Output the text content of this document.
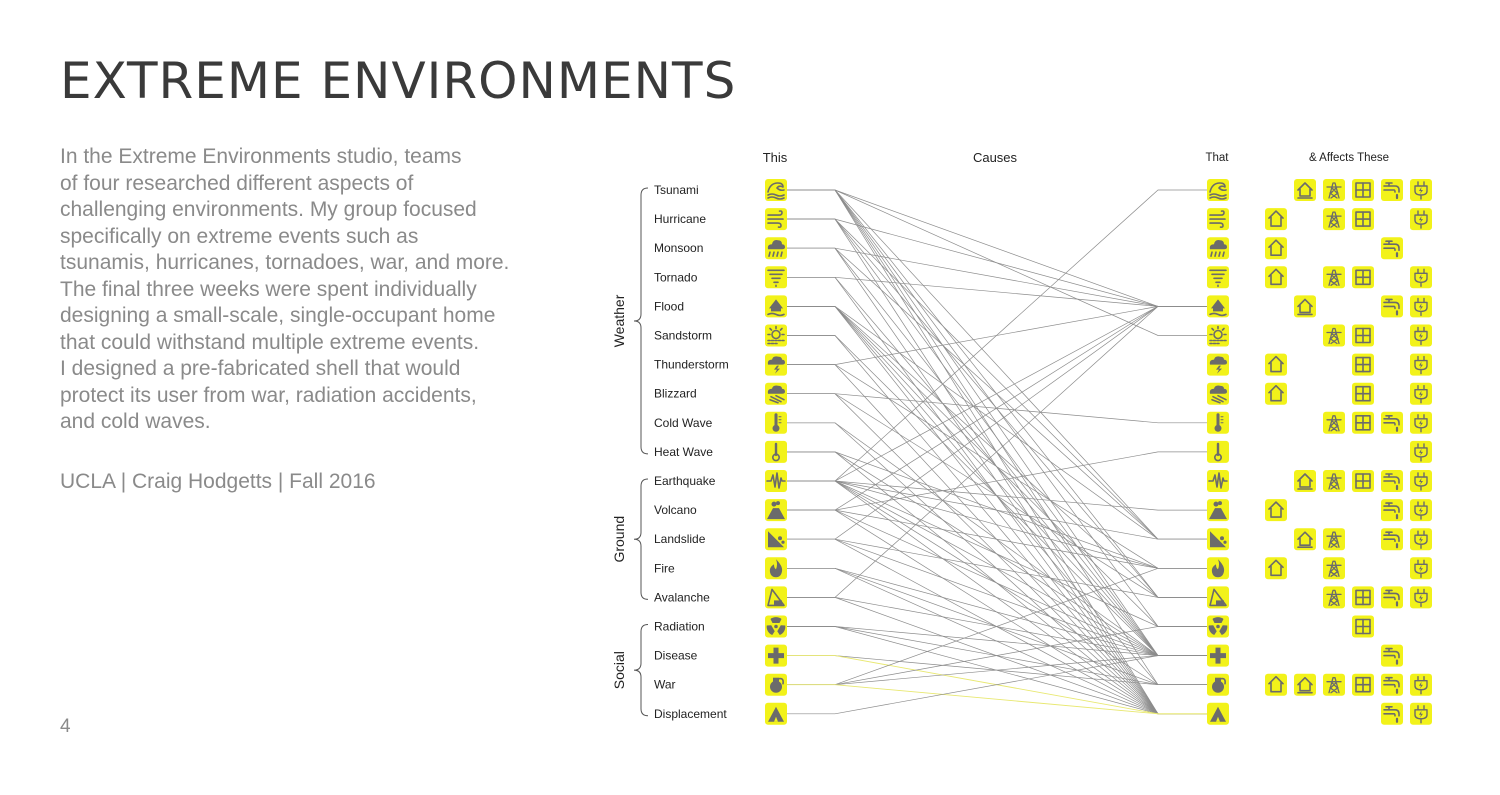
EXTREME ENVIRONMENTS
In the Extreme Environments studio, teams
of four researched different aspects of
challenging environments. My group focused
specifically on extreme events such as
tsunamis, hurricanes, tornadoes, war, and more.
The final three weeks were spent individually
designing a small-scale, single-occupant home
that could withstand multiple extreme events.
I designed a pre-fabricated shell that would
protect its user from war, radiation accidents,
and cold waves.
UCLA | Craig Hodgetts | Fall 2016
4
This	Causes	That	& Affects These
Weather
Ground
Social
Tsunami
Hurricane
Monsoon
Tornado
Flood
Sandstorm
Thunderstorm
Blizzard
Cold Wave
Heat Wave
Earthquake
Volcano
Landslide
Fire
Avalanche
Radiation
Disease
War
Displacement
